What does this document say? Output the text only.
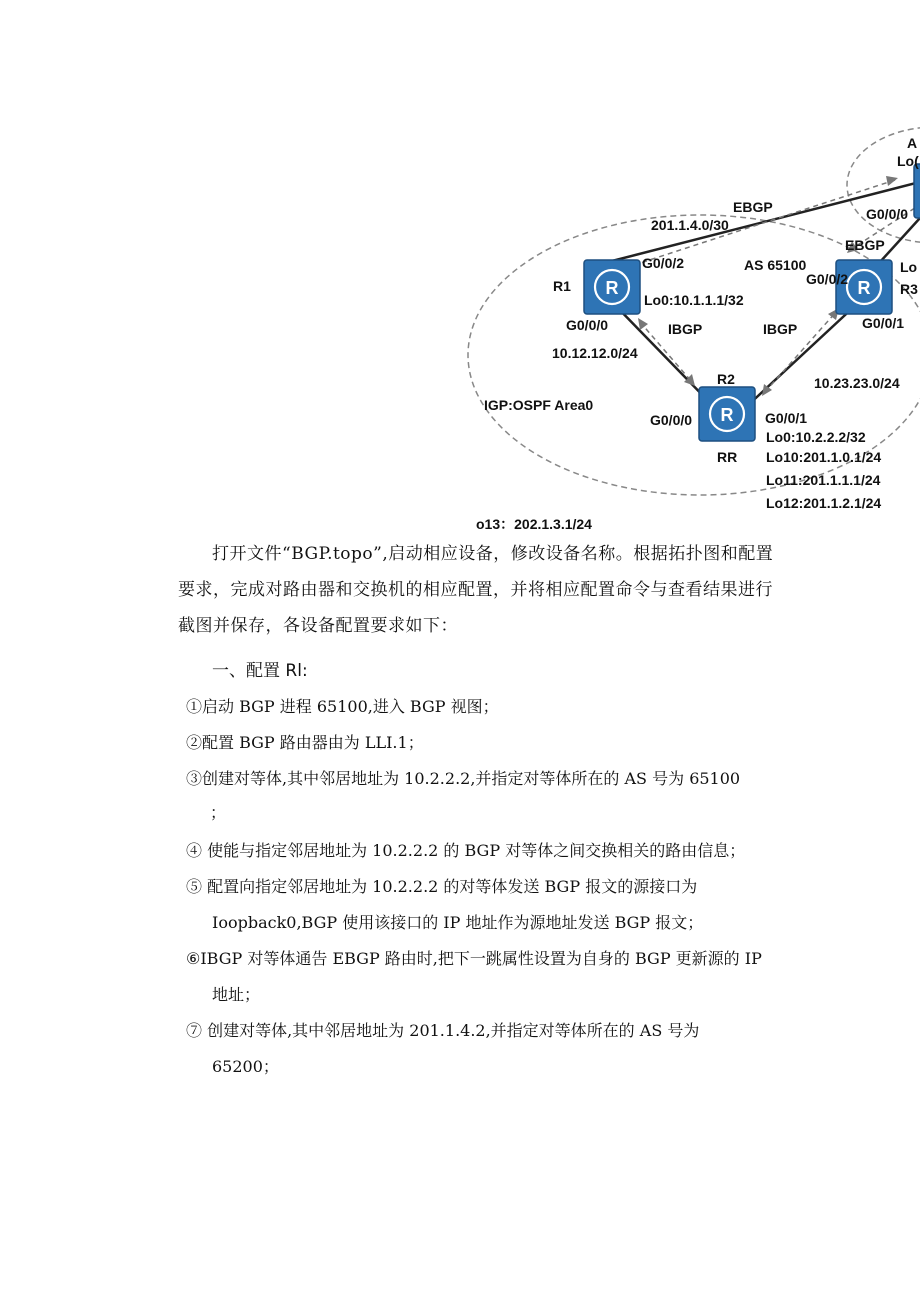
R	R
R
A
Lo(
EBGP
201.1.4.0/30
G0/0/0
EBGP
AS 65100
G0/0/2
G0/0/2
Lo
R3
R1
Lo0:10.1.1.1/32
G0/0/0	IBGP	IBGP	G0/0/1
10.12.12.0/24
R2	10.23.23.0/24
IGP:OSPF Area0
G0/0/0	G0/0/1
Lo0:10.2.2.2/32
RR Lo10:201.1.0.1/24
Lo11:201.1.1.1/24
Lo12:201.1.2.1/24
o13：202.1.3.1/24
打开文件“BGP.topo”,启动相应设备，修改设备名称。根据拓扑图和配置要求，完成对路由器和交换机的相应配置，并将相应配置命令与查看结果进行截图并保存，各设备配置要求如下：
一、配置 Rl:
①启动 BGP 进程 65100,进入 BGP 视图；
②配置 BGP 路由器由为 LLI.1；
③创建对等体,其中邻居地址为 10.2.2.2,并指定对等体所在的 AS 号为 65100
；
④ 使能与指定邻居地址为 10.2.2.2 的 BGP 对等体之间交换相关的路由信息；
⑤ 配置向指定邻居地址为 10.2.2.2 的对等体发送 BGP 报文的源接口为
Ioopback0,BGP 使用该接口的 IP 地址作为源地址发送 BGP 报文；
⑥IBGP 对等体通告 EBGP 路由时,把下一跳属性设置为自身的 BGP 更新源的 IP
地址；
⑦ 创建对等体,其中邻居地址为 201.1.4.2,并指定对等体所在的 AS 号为
65200；
